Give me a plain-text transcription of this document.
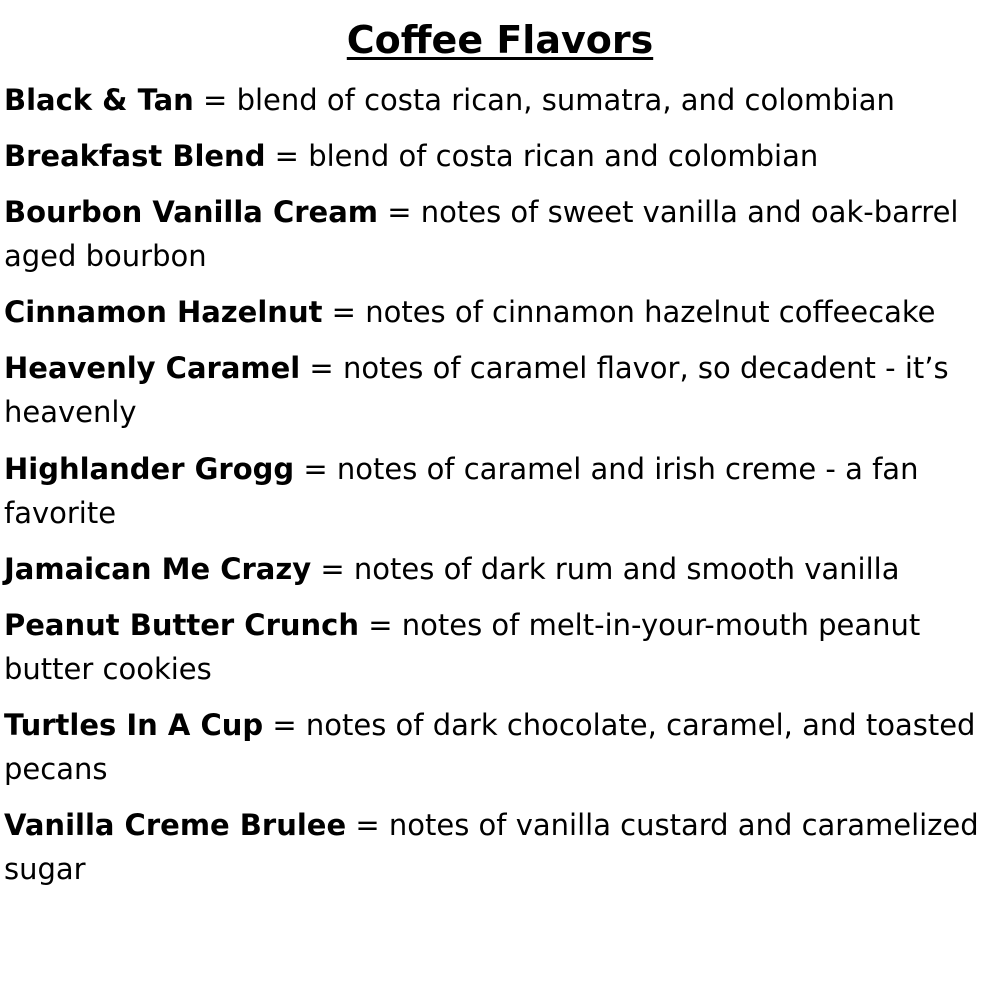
Coffee Flavors
Black & Tan = blend of costa rican, sumatra, and colombian
Breakfast Blend = blend of costa rican and colombian
Bourbon Vanilla Cream = notes of sweet vanilla and oak-barrel aged bourbon
Cinnamon Hazelnut = notes of cinnamon hazelnut coffeecake
Heavenly Caramel = notes of caramel flavor, so decadent - it’s heavenly
Highlander Grogg = notes of caramel and irish creme - a fan favorite
Jamaican Me Crazy = notes of dark rum and smooth vanilla
Peanut Butter Crunch = notes of melt-in-your-mouth peanut butter cookies
Turtles In A Cup = notes of dark chocolate, caramel, and toasted pecans
Vanilla Creme Brulee = notes of vanilla custard and caramelized sugar
